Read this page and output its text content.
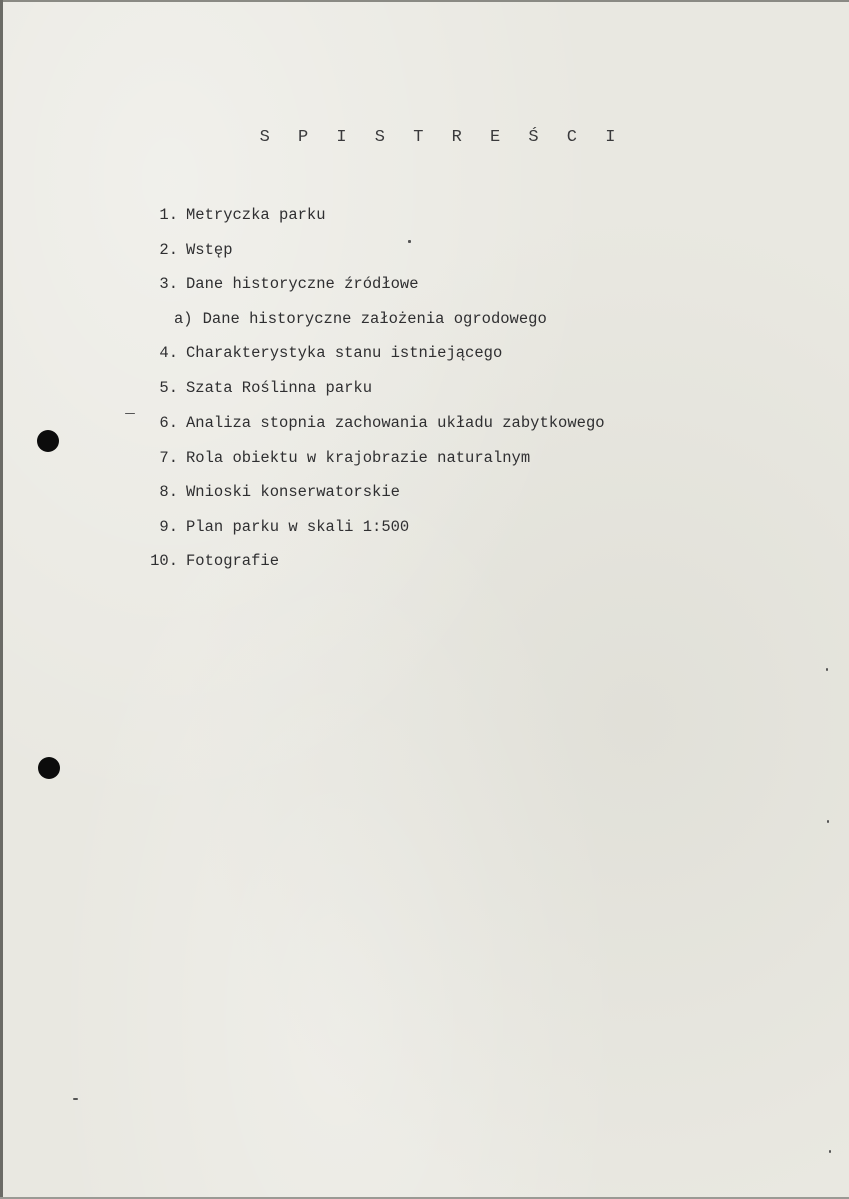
S P I S T R E Ś C I
1. Metryczka parku
2. Wstęp
3. Dane historyczne źródłowe
a) Dane historyczne założenia ogrodowego
4. Charakterystyka stanu istniejącego
5. Szata Roślinna parku
6. Analiza stopnia zachowania układu zabytkowego
7. Rola obiektu w krajobrazie naturalnym
8. Wnioski konserwatorskie
9. Plan parku w skali 1:500
10. Fotografie
